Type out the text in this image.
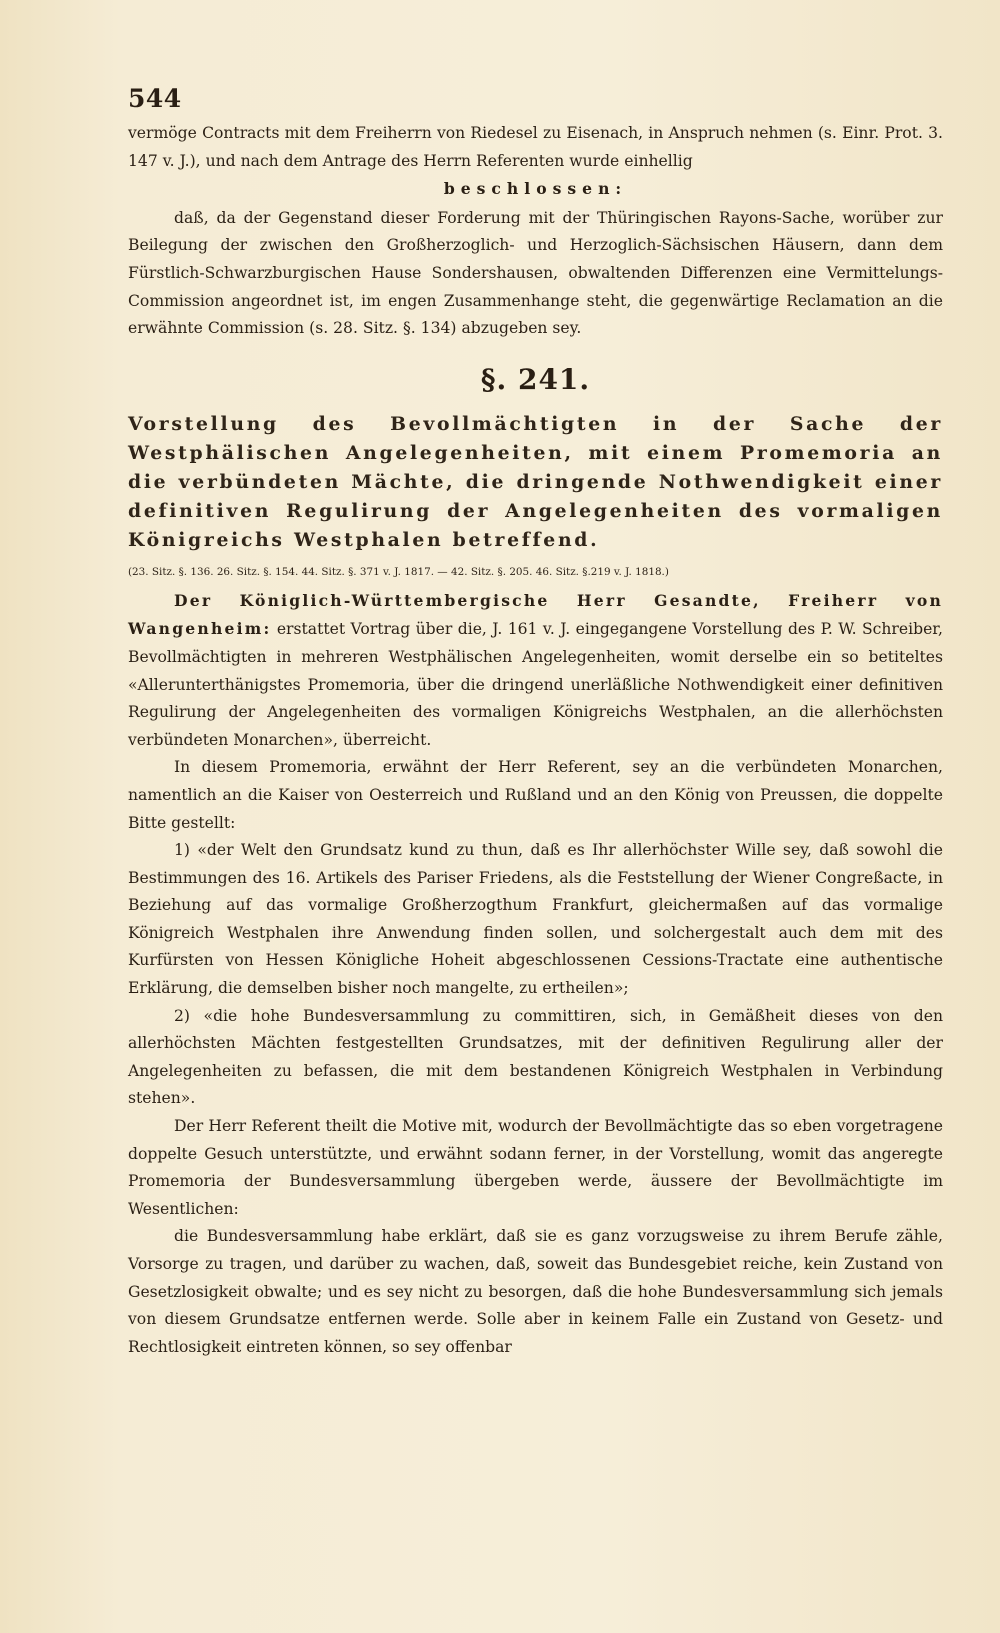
544

vermöge Contracts mit dem Freiherrn von Riedesel zu Eisenach, in Anspruch nehmen (s. Einr. Prot. 3. 147 v. J.), und nach dem Antrage des Herrn Referenten wurde einhellig

beschlossen:

daß, da der Gegenstand dieser Forderung mit der Thüringischen Rayons-Sache, worüber zur Beilegung der zwischen den Großherzoglich- und Herzoglich-Sächsischen Häusern, dann dem Fürstlich-Schwarzburgischen Hause Sondershausen, obwaltenden Differenzen eine Vermittelungs-Commission angeordnet ist, im engen Zusammenhange steht, die gegenwärtige Reclamation an die erwähnte Commission (s. 28. Sitz. §. 134) abzugeben sey.

§. 241.

Vorstellung des Bevollmächtigten in der Sache der Westphälischen Angelegenheiten, mit einem Promemoria an die verbündeten Mächte, die dringende Nothwendigkeit einer definitiven Regulirung der Angelegenheiten des vormaligen Königreichs Westphalen betreffend.

(23. Sitz. §. 136. 26. Sitz. §. 154. 44. Sitz. §. 371 v. J. 1817. — 42. Sitz. §. 205. 46. Sitz. §.219 v. J. 1818.)

Der Königlich-Württembergische Herr Gesandte, Freiherr von Wangenheim: erstattet Vortrag über die, J. 161 v. J. eingegangene Vorstellung des P. W. Schreiber, Bevollmächtigten in mehreren Westphälischen Angelegenheiten, womit derselbe ein so betiteltes «Allerunterthänigstes Promemoria, über die dringend unerläßliche Nothwendigkeit einer definitiven Regulirung der Angelegenheiten des vormaligen Königreichs Westphalen, an die allerhöchsten verbündeten Monarchen», überreicht.

In diesem Promemoria, erwähnt der Herr Referent, sey an die verbündeten Monarchen, namentlich an die Kaiser von Oesterreich und Rußland und an den König von Preussen, die doppelte Bitte gestellt:

1) «der Welt den Grundsatz kund zu thun, daß es Ihr allerhöchster Wille sey, daß sowohl die Bestimmungen des 16. Artikels des Pariser Friedens, als die Feststellung der Wiener Congreßacte, in Beziehung auf das vormalige Großherzogthum Frankfurt, gleichermaßen auf das vormalige Königreich Westphalen ihre Anwendung finden sollen, und solchergestalt auch dem mit des Kurfürsten von Hessen Königliche Hoheit abgeschlossenen Cessions-Tractate eine authentische Erklärung, die demselben bisher noch mangelte, zu ertheilen»;

2) «die hohe Bundesversammlung zu committiren, sich, in Gemäßheit dieses von den allerhöchsten Mächten festgestellten Grundsatzes, mit der definitiven Regulirung aller der Angelegenheiten zu befassen, die mit dem bestandenen Königreich Westphalen in Verbindung stehen».

Der Herr Referent theilt die Motive mit, wodurch der Bevollmächtigte das so eben vorgetragene doppelte Gesuch unterstützte, und erwähnt sodann ferner, in der Vorstellung, womit das angeregte Promemoria der Bundesversammlung übergeben werde, äussere der Bevollmächtigte im Wesentlichen:

die Bundesversammlung habe erklärt, daß sie es ganz vorzugsweise zu ihrem Berufe zähle, Vorsorge zu tragen, und darüber zu wachen, daß, soweit das Bundesgebiet reiche, kein Zustand von Gesetzlosigkeit obwalte; und es sey nicht zu besorgen, daß die hohe Bundesversammlung sich jemals von diesem Grundsatze entfernen werde. Solle aber in keinem Falle ein Zustand von Gesetz- und Rechtlosigkeit eintreten können, so sey offenbar
